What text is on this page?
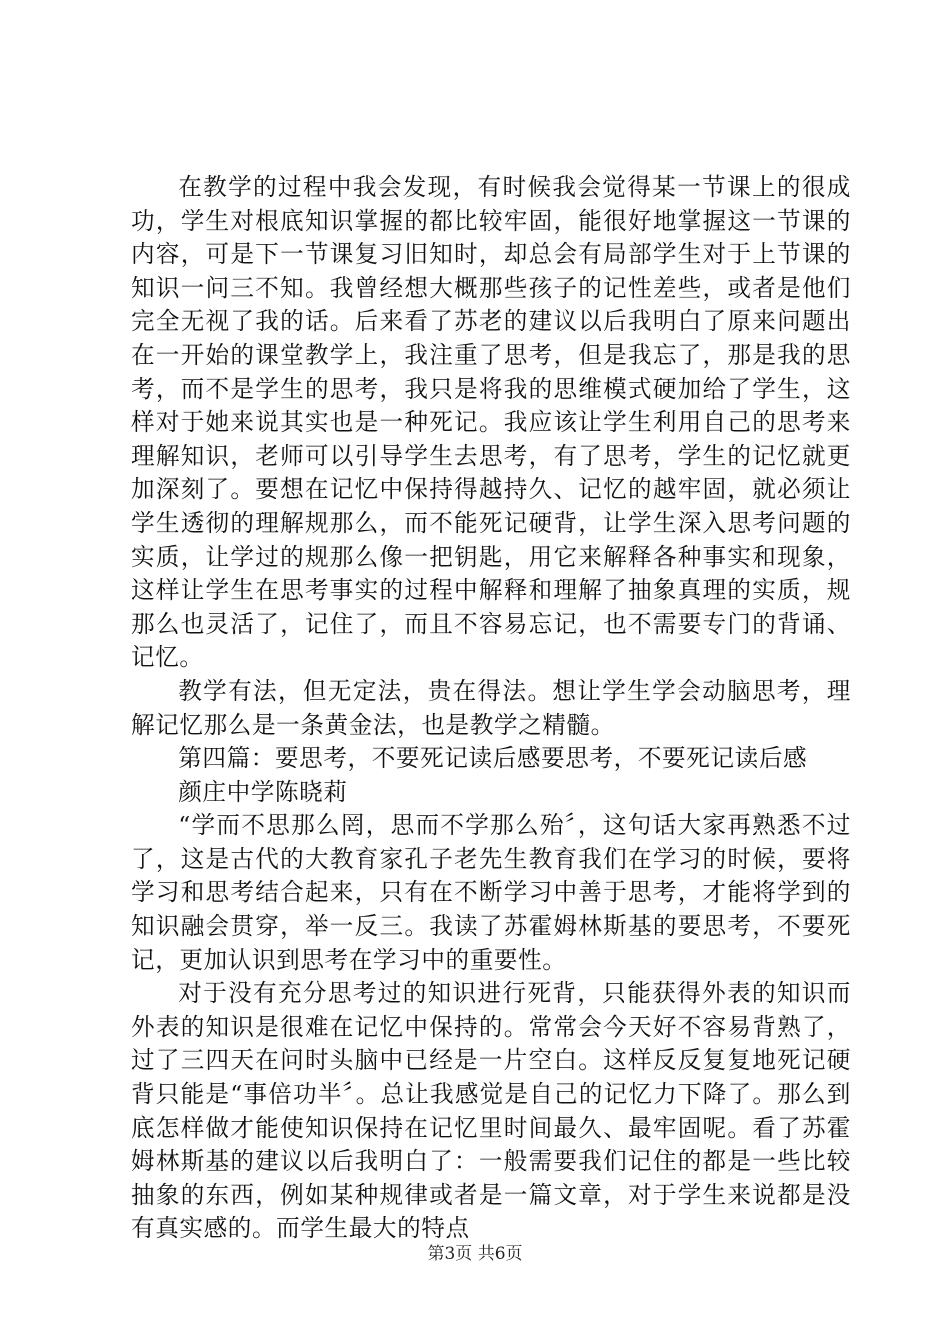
在教学的过程中我会发现，有时候我会觉得某一节课上的很成功，学生对根底知识掌握的都比较牢固，能很好地掌握这一节课的内容，可是下一节课复习旧知时，却总会有局部学生对于上节课的知识一问三不知。我曾经想大概那些孩子的记性差些，或者是他们完全无视了我的话。后来看了苏老的建议以后我明白了原来问题出在一开始的课堂教学上，我注重了思考，但是我忘了，那是我的思考，而不是学生的思考，我只是将我的思维模式硬加给了学生，这样对于她来说其实也是一种死记。我应该让学生利用自己的思考来理解知识，老师可以引导学生去思考，有了思考，学生的记忆就更加深刻了。要想在记忆中保持得越持久、记忆的越牢固，就必须让学生透彻的理解规那么，而不能死记硬背，让学生深入思考问题的实质，让学过的规那么像一把钥匙，用它来解释各种事实和现象，这样让学生在思考事实的过程中解释和理解了抽象真理的实质，规那么也灵活了，记住了，而且不容易忘记，也不需要专门的背诵、记忆。

教学有法，但无定法，贵在得法。想让学生学会动脑思考，理解记忆那么是一条黄金法，也是教学之精髓。

第四篇：要思考，不要死记读后感要思考，不要死记读后感

颜庄中学陈晓莉

“学而不思那么罔，思而不学那么殆〞，这句话大家再熟悉不过了，这是古代的大教育家孔子老先生教育我们在学习的时候，要将学习和思考结合起来，只有在不断学习中善于思考，才能将学到的知识融会贯穿，举一反三。我读了苏霍姆林斯基的要思考，不要死记，更加认识到思考在学习中的重要性。

对于没有充分思考过的知识进行死背，只能获得外表的知识而外表的知识是很难在记忆中保持的。常常会今天好不容易背熟了，过了三四天在问时头脑中已经是一片空白。这样反反复复地死记硬背只能是“事倍功半〞。总让我感觉是自己的记忆力下降了。那么到底怎样做才能使知识保持在记忆里时间最久、最牢固呢。看了苏霍姆林斯基的建议以后我明白了：一般需要我们记住的都是一些比较抽象的东西，例如某种规律或者是一篇文章，对于学生来说都是没有真实感的。而学生最大的特点

第3页 共6页
